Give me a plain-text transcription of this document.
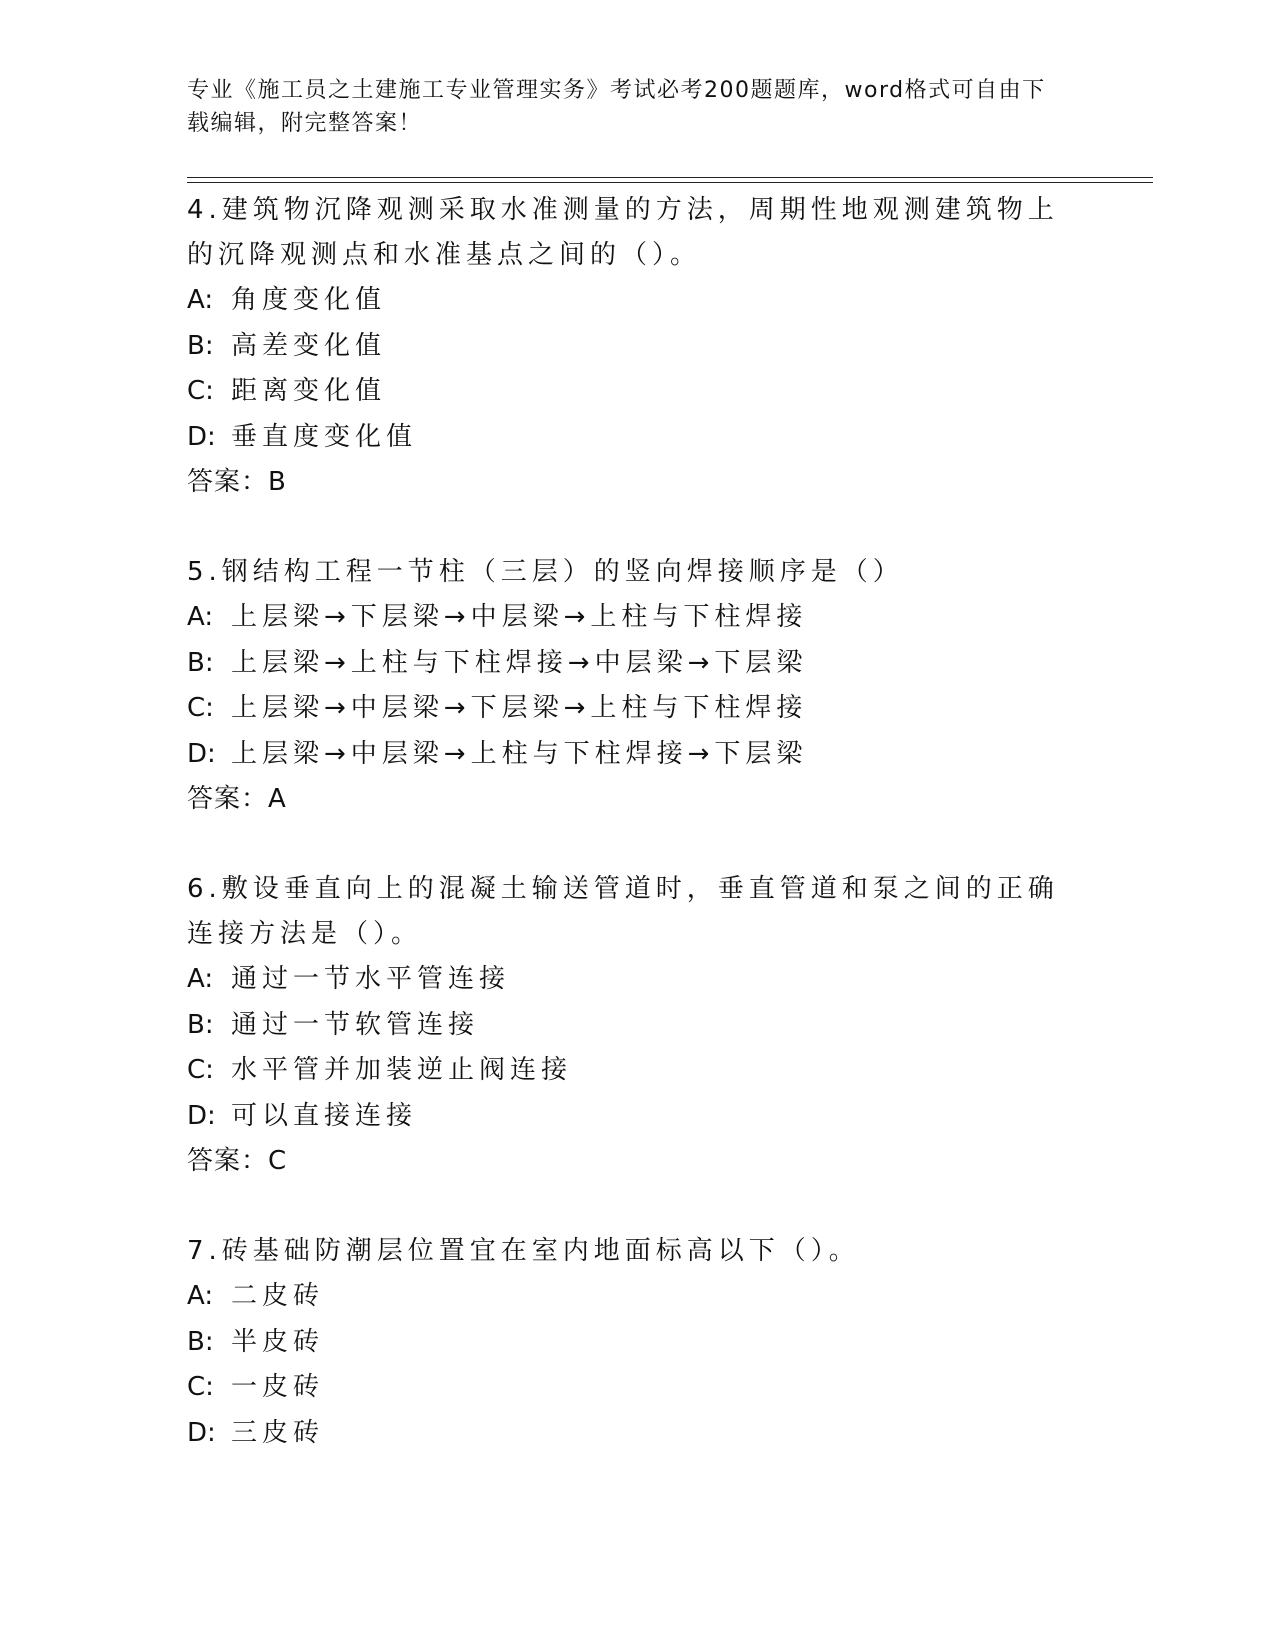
专业《施工员之土建施工专业管理实务》考试必考200题题库，word格式可自由下载编辑，附完整答案！

4.建筑物沉降观测采取水准测量的方法，周期性地观测建筑物上的沉降观测点和水准基点之间的（）。

A: 角度变化值

B: 高差变化值

C: 距离变化值

D: 垂直度变化值

答案：B

5.钢结构工程一节柱（三层）的竖向焊接顺序是（）

A: 上层梁→下层梁→中层梁→上柱与下柱焊接

B: 上层梁→上柱与下柱焊接→中层梁→下层梁

C: 上层梁→中层梁→下层梁→上柱与下柱焊接

D: 上层梁→中层梁→上柱与下柱焊接→下层梁

答案：A

6.敷设垂直向上的混凝土输送管道时，垂直管道和泵之间的正确连接方法是（）。

A: 通过一节水平管连接

B: 通过一节软管连接

C: 水平管并加装逆止阀连接

D: 可以直接连接

答案：C

7.砖基础防潮层位置宜在室内地面标高以下（）。

A: 二皮砖

B: 半皮砖

C: 一皮砖

D: 三皮砖
